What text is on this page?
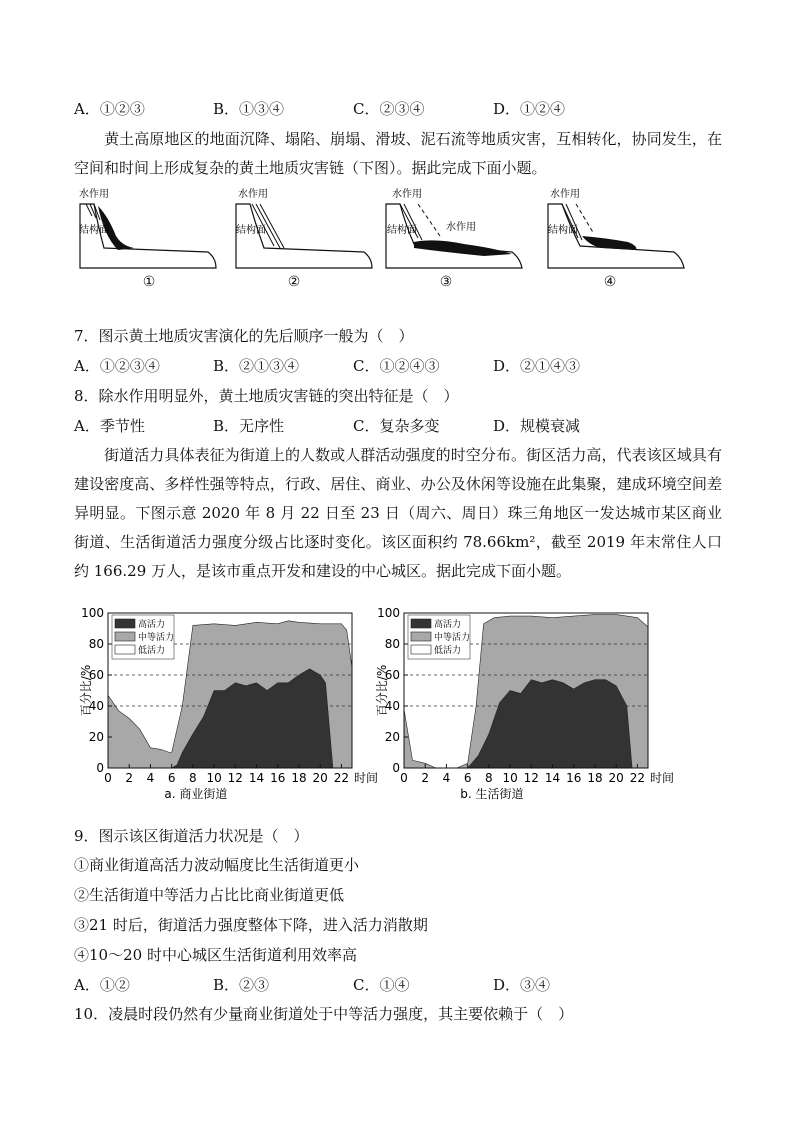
A．①②③	B．①③④	C．②③④	D．①②④
黄土高原地区的地面沉降、塌陷、崩塌、滑坡、泥石流等地质灾害，互相转化，协同发生，在空间和时间上形成复杂的黄土地质灾害链（下图）。据此完成下面小题。
水作用
结构面
①
水作用
结构面
②
水作用
结构面	水作用
③
水作用
结构面
④
7．图示黄土地质灾害演化的先后顺序一般为（　）
A．①②③④	B．②①③④	C．①②④③	D．②①④③
8．除水作用明显外，黄土地质灾害链的突出特征是（　）
A．季节性	B．无序性	C．复杂多变	D．规模衰减
街道活力具体表征为街道上的人数或人群活动强度的时空分布。街区活力高，代表该区域具有建设密度高、多样性强等特点，行政、居住、商业、办公及休闲等设施在此集聚，建成环境空间差异明显。下图示意 2020 年 8 月 22 日至 23 日（周六、周日）珠三角地区一发达城市某区商业街道、生活街道活力强度分级占比逐时变化。该区面积约 78.66km²，截至 2019 年末常住人口约 166.29 万人，是该市重点开发和建设的中心城区。据此完成下面小题。
0
20
40
60
80
100
0 2 4 6 8 10 12 14 16 18 20 22 时间
百分比/%
a. 商业街道
高活力
中等活力
低活力
0
20
40
60
80
100
0 2 4 6 8 10 12 14 16 18 20 22 时间
百分比/%
b. 生活街道
高活力
中等活力
低活力
9．图示该区街道活力状况是（　）
①商业街道高活力波动幅度比生活街道更小
②生活街道中等活力占比比商业街道更低
③21 时后，街道活力强度整体下降，进入活力消散期
④10～20 时中心城区生活街道利用效率高
A．①②	B．②③	C．①④	D．③④
10．凌晨时段仍然有少量商业街道处于中等活力强度，其主要依赖于（　）
